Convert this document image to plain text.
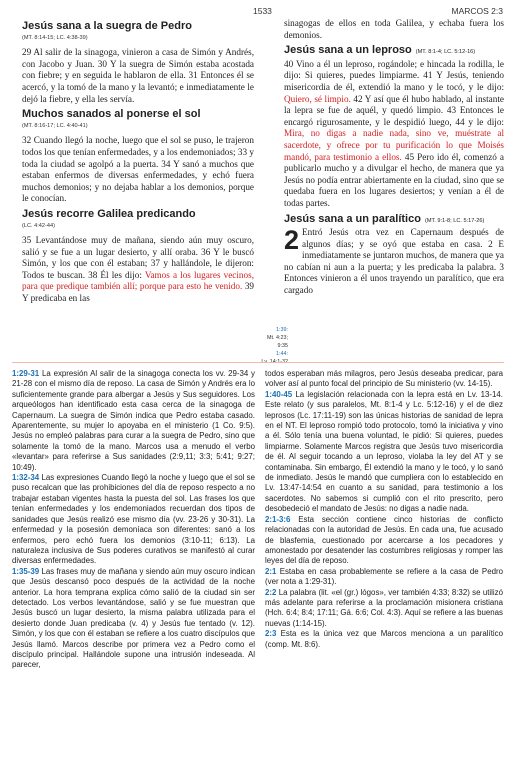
1533	MARCOS 2:3
Jesús sana a la suegra de Pedro
(MT. 8:14-15; LC. 4:38-39)

29 Al salir de la sinagoga, vinieron a casa de Simón y Andrés, con Jacobo y Juan. 30 Y la suegra de Simón estaba acostada con fiebre; y en seguida le hablaron de ella. 31 Entonces él se acercó, y la tomó de la mano y la levantó; e inmediatamente le dejó la fiebre, y ella les servía.

Muchos sanados al ponerse el sol
(MT. 8:16-17; LC. 4:40-41)

32 Cuando llegó la noche, luego que el sol se puso, le trajeron todos los que tenían enfermedades, y a los endemoniados; 33 y toda la ciudad se agolpó a la puerta. 34 Y sanó a muchos que estaban enfermos de diversas enfermedades, y echó fuera muchos demonios; y no dejaba hablar a los demonios, porque le conocían.

Jesús recorre Galilea predicando
(LC. 4:42-44)

35 Levantándose muy de mañana, siendo aún muy oscuro, salió y se fue a un lugar desierto, y allí oraba. 36 Y le buscó Simón, y los que con él estaban; 37 y hallándole, le dijeron: Todos te buscan. 38 Él les dijo: Vamos a los lugares vecinos, para que predique también allí; porque para esto he venido. 39 Y predicaba en las

1:39:
Mt. 4:23; 9:35
1:44:

sinagogas de ellos en toda Galilea, y echaba fuera los demonios.

Jesús sana a un leproso (MT. 8:1-4; LC. 5:12-16)

40 Vino a él un leproso, rogándole; e hincada la rodilla, le dijo: Si quieres, puedes limpiarme. 41 Y Jesús, teniendo misericordia de él, extendió la mano y le tocó, y le dijo: Quiero, sé limpio. 42 Y así que él hubo hablado, al instante la lepra se fue de aquél, y quedó limpio. 43 Entonces le encargó rigurosamente, y le despidió luego, 44 y le dijo: Mira, no digas a nadie nada, sino ve, muéstrate al sacerdote, y ofrece por tu purificación lo que Moisés mandó, para testimonio a ellos. 45 Pero ido él, comenzó a publicarlo mucho y a divulgar el hecho, de manera que ya Jesús no podía entrar abiertamente en la ciudad, sino que se quedaba fuera en los lugares desiertos; y venían a él de todas partes.

Jesús sana a un paralítico (MT. 9:1-8; LC. 5:17-26)

2 Entró Jesús otra vez en Capernaum después de algunos días; y se oyó que estaba en casa. 2 E inmediatamente se juntaron muchos, de manera que ya no cabían ni aun a la puerta; y les predicaba la palabra. 3 Entonces vinieron a él unos trayendo un paralítico, que era cargado

1:29-31 La expresión Al salir de la sinagoga conecta los vv. 29-34 y 21-28 con el mismo día de reposo. La casa de Simón y Andrés era lo suficientemente grande para albergar a Jesús y Sus seguidores. Los arqueólogos han identificado esta casa cerca de la sinagoga de Capernaum. La suegra de Simón indica que Pedro estaba casado. Aparentemente, su mujer lo apoyaba en el ministerio (1 Co. 9:5). Jesús no empleó palabras para curar a la suegra de Pedro, sino que solamente la tomó de la mano. Marcos usa a menudo el verbo «levantar» para referirse a Sus sanidades (2:9,11; 3:3; 5:41; 9:27; 10:49).

1:32-34 Las expresiones Cuando llegó la noche y luego que el sol se puso recalcan que las prohibiciones del día de reposo respecto a no trabajar estaban vigentes hasta la puesta del sol. Las frases los que tenían enfermedades y los endemoniados recuerdan dos tipos de sanidades que Jesús realizó ese mismo día (vv. 23-26 y 30-31). La enfermedad y la posesión demoníaca son diferentes: sanó a los enfermos, pero echó fuera los demonios (3:10-11; 6:13). La naturaleza inclusiva de Sus poderes curativos se manifestó al curar diversas enfermedades.

1:35-39 Las frases muy de mañana y siendo aún muy oscuro indican que Jesús descansó poco después de la actividad de la noche anterior. La hora temprana explica cómo salió de la ciudad sin ser detectado. Los verbos levantándose, salió y se fue muestran que Jesús buscó un lugar desierto, la misma palabra utilizada para el desierto donde Juan predicaba (v. 4) y Jesús fue tentado (v. 12). Simón, y los que con él estaban se refiere a los cuatro discípulos que Jesús llamó. Marcos describe por primera vez a Pedro como el discípulo principal. Hallándole supone una intrusión indeseada. Al parecer,

todos esperaban más milagros, pero Jesús deseaba predicar, para volver así al punto focal del principio de Su ministerio (vv. 14-15).

1:40-45 La legislación relacionada con la lepra está en Lv. 13-14. Este relato (y sus paralelos, Mt. 8:1-4 y Lc. 5:12-16) y el de diez leprosos (Lc. 17:11-19) son las únicas historias de sanidad de lepra en el NT. El leproso rompió todo protocolo, tomó la iniciativa y vino a él. Sólo tenía una buena voluntad, le pidió: Si quieres, puedes limpiarme. Solamente Marcos registra que Jesús tuvo misericordia de él. Al seguir tocando a un leproso, violaba la ley del AT y se contaminaba. Sin embargo, Él extendió la mano y le tocó, y lo sanó de inmediato. Jesús le mandó que cumpliera con lo establecido en Lv. 13:47-14:54 en cuanto a su sanidad, para testimonio a los sacerdotes. No sabemos si cumplió con el rito prescrito, pero desobedeció el mandato de Jesús: no digas a nadie nada.

2:1-3:6 Esta sección contiene cinco historias de conflicto relacionadas con la autoridad de Jesús. En cada una, fue acusado de blasfemia, cuestionado por acercarse a los pecadores y amonestado por desatender las costumbres religiosas y romper las leyes del día de reposo.

2:1 Estaba en casa probablemente se refiere a la casa de Pedro (ver nota a 1:29-31).

2:2 La palabra (lit. «el (gr.) lógos», ver también 4:33; 8:32) se utilizó más adelante para referirse a la proclamación misionera cristiana (Hch. 6:4; 8:4; 17:11; Gá. 6:6; Col. 4:3). Aquí se refiere a las buenas nuevas (1:14-15).

2:3 Esta es la única vez que Marcos menciona a un paralítico (comp. Mt. 8:6).
